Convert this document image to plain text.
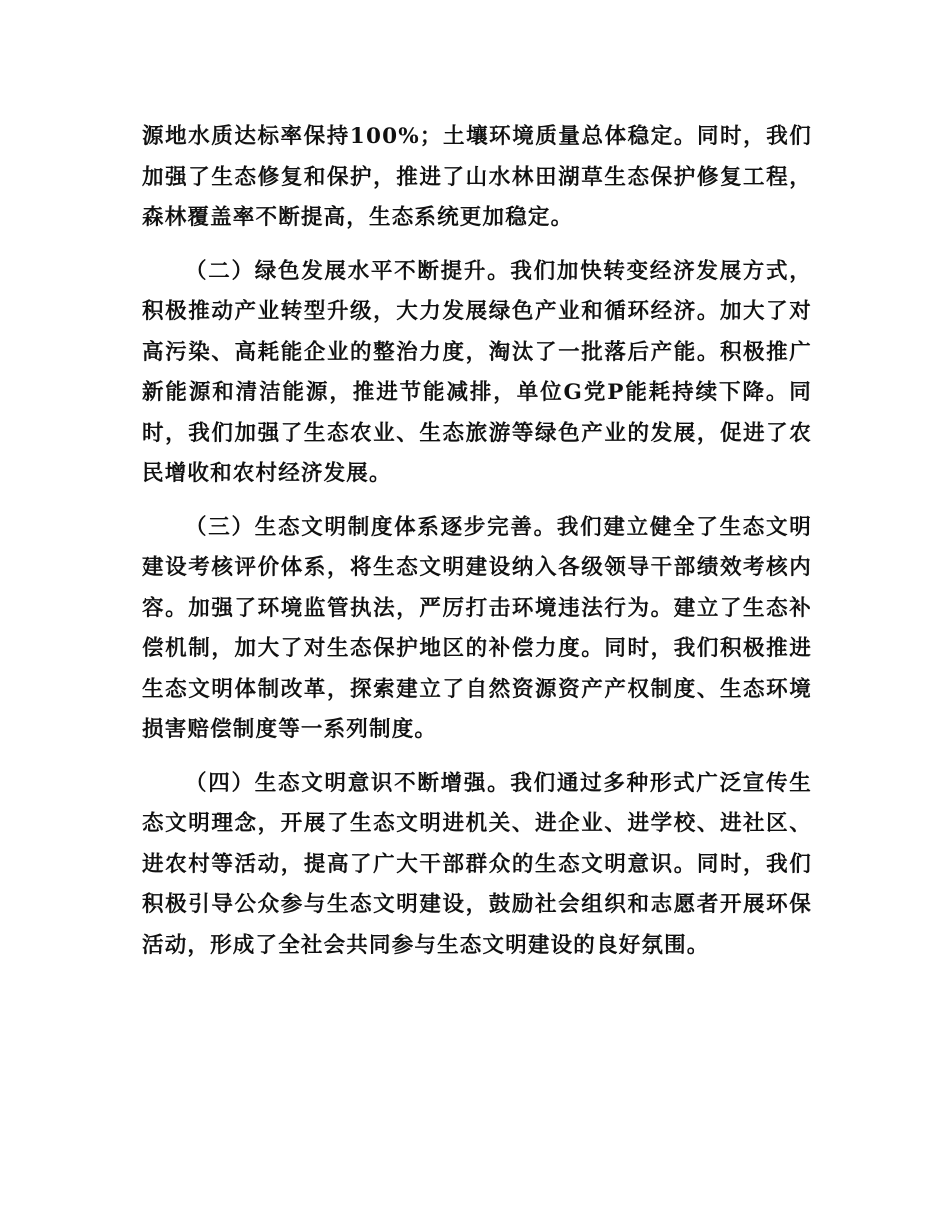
源地水质达标率保持100%；土壤环境质量总体稳定。同时，我们加强了生态修复和保护，推进了山水林田湖草生态保护修复工程，森林覆盖率不断提高，生态系统更加稳定。

（二）绿色发展水平不断提升。我们加快转变经济发展方式，积极推动产业转型升级，大力发展绿色产业和循环经济。加大了对高污染、高耗能企业的整治力度，淘汰了一批落后产能。积极推广新能源和清洁能源，推进节能减排，单位G党P能耗持续下降。同时，我们加强了生态农业、生态旅游等绿色产业的发展，促进了农民增收和农村经济发展。

（三）生态文明制度体系逐步完善。我们建立健全了生态文明建设考核评价体系，将生态文明建设纳入各级领导干部绩效考核内容。加强了环境监管执法，严厉打击环境违法行为。建立了生态补偿机制，加大了对生态保护地区的补偿力度。同时，我们积极推进生态文明体制改革，探索建立了自然资源资产产权制度、生态环境损害赔偿制度等一系列制度。

（四）生态文明意识不断增强。我们通过多种形式广泛宣传生态文明理念，开展了生态文明进机关、进企业、进学校、进社区、进农村等活动，提高了广大干部群众的生态文明意识。同时，我们积极引导公众参与生态文明建设，鼓励社会组织和志愿者开展环保活动，形成了全社会共同参与生态文明建设的良好氛围。
